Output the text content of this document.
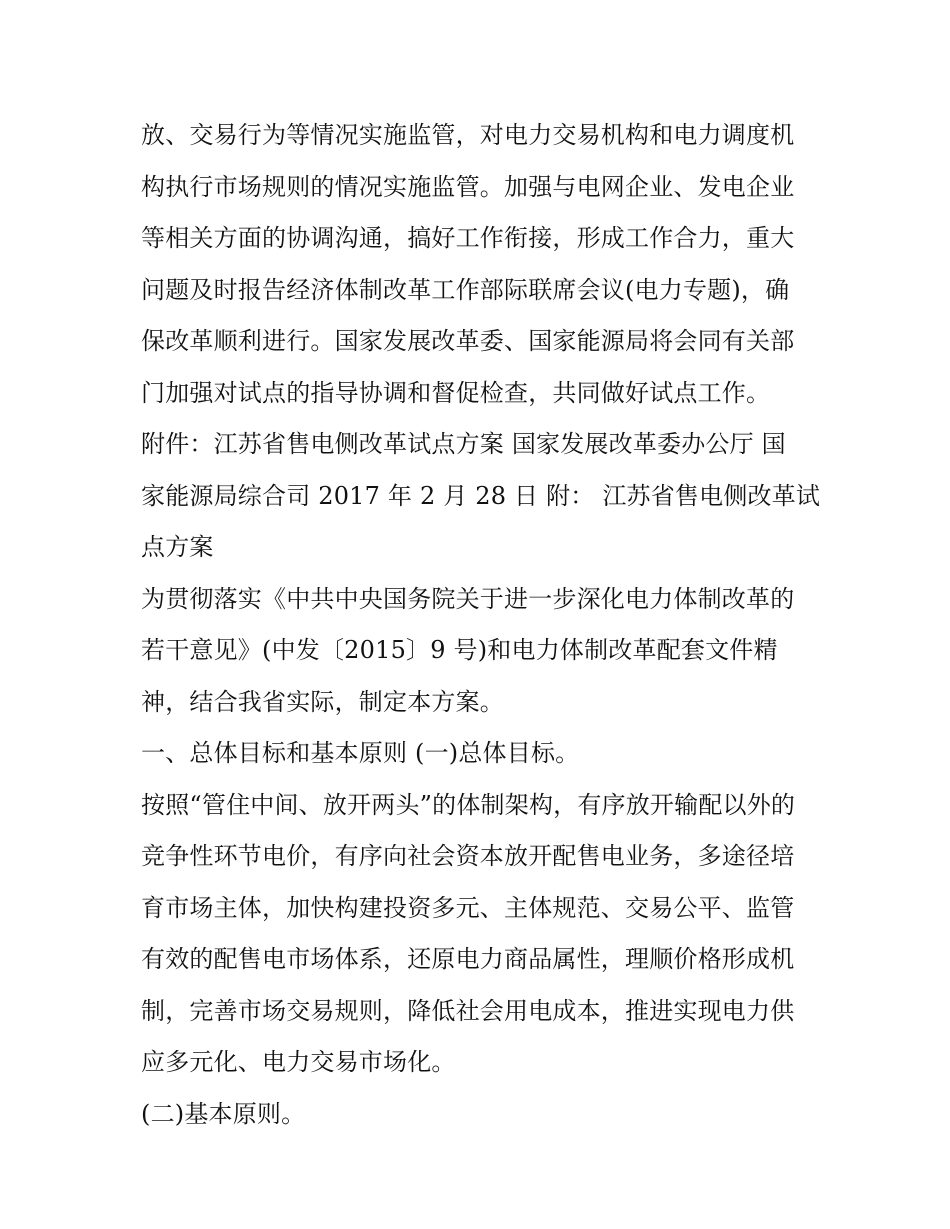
放、交易行为等情况实施监管，对电力交易机构和电力调度机
构执行市场规则的情况实施监管。加强与电网企业、发电企业
等相关方面的协调沟通，搞好工作衔接，形成工作合力，重大
问题及时报告经济体制改革工作部际联席会议(电力专题)，确
保改革顺利进行。国家发展改革委、国家能源局将会同有关部
门加强对试点的指导协调和督促检查，共同做好试点工作。
附件：江苏省售电侧改革试点方案 国家发展改革委办公厅 国
家能源局综合司 2017 年 2 月 28 日 附： 江苏省售电侧改革试
点方案
为贯彻落实《中共中央国务院关于进一步深化电力体制改革的
若干意见》(中发〔2015〕9 号)和电力体制改革配套文件精
神，结合我省实际，制定本方案。
一、总体目标和基本原则 (一)总体目标。
按照“管住中间、放开两头”的体制架构，有序放开输配以外的
竞争性环节电价，有序向社会资本放开配售电业务，多途径培
育市场主体，加快构建投资多元、主体规范、交易公平、监管
有效的配售电市场体系，还原电力商品属性，理顺价格形成机
制，完善市场交易规则，降低社会用电成本，推进实现电力供
应多元化、电力交易市场化。
(二)基本原则。
